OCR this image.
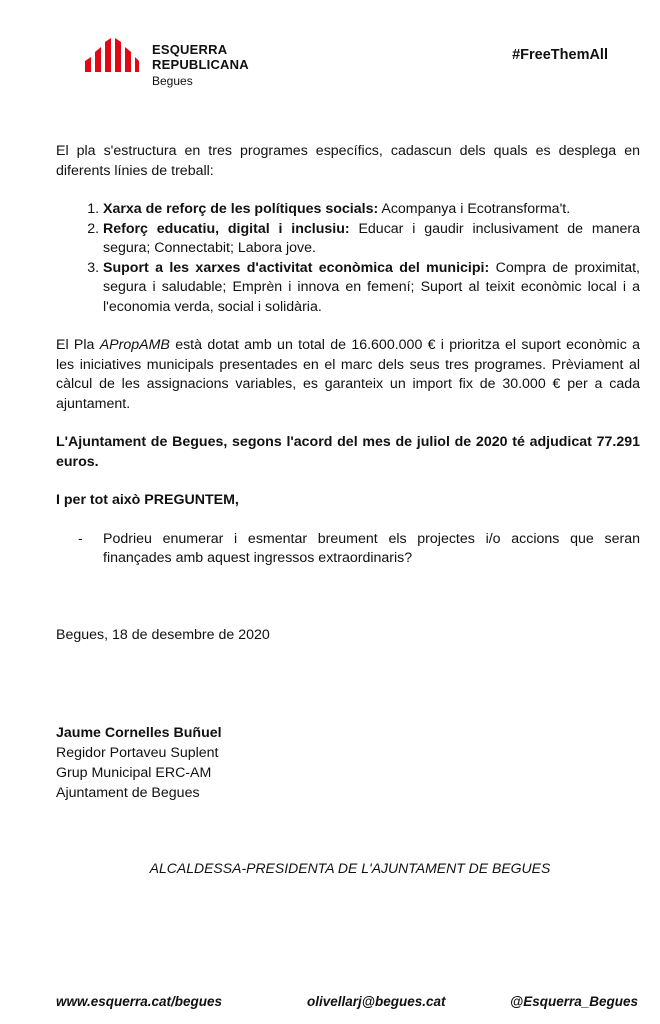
ESQUERRA
REPUBLICANA
Begues
#FreeThemAll

El pla s'estructura en tres programes específics, cadascun dels quals es desplega en diferents línies de treball:

1. Xarxa de reforç de les polítiques socials: Acompanya i Ecotransforma't.
2. Reforç educatiu, digital i inclusiu: Educar i gaudir inclusivament de manera segura; Connectabit; Labora jove.
3. Suport a les xarxes d'activitat econòmica del municipi: Compra de proximitat, segura i saludable; Emprèn i innova en femení; Suport al teixit econòmic local i a l'economia verda, social i solidària.

El Pla APropAMB està dotat amb un total de 16.600.000 € i prioritza el suport econòmic a les iniciatives municipals presentades en el marc dels seus tres programes. Prèviament al càlcul de les assignacions variables, es garanteix un import fix de 30.000 € per a cada ajuntament.

L'Ajuntament de Begues, segons l'acord del mes de juliol de 2020 té adjudicat 77.291 euros.

I per tot això PREGUNTEM,

- Podrieu enumerar i esmentar breument els projectes i/o accions que seran finançades amb aquest ingressos extraordinaris?
Begues, 18 de desembre de 2020
Jaume Cornelles Buñuel
Regidor Portaveu Suplent
Grup Municipal ERC-AM
Ajuntament de Begues
ALCALDESSA-PRESIDENTA DE L'AJUNTAMENT DE BEGUES
www.esquerra.cat/begues	olivellarj@begues.cat	@Esquerra_Begues
